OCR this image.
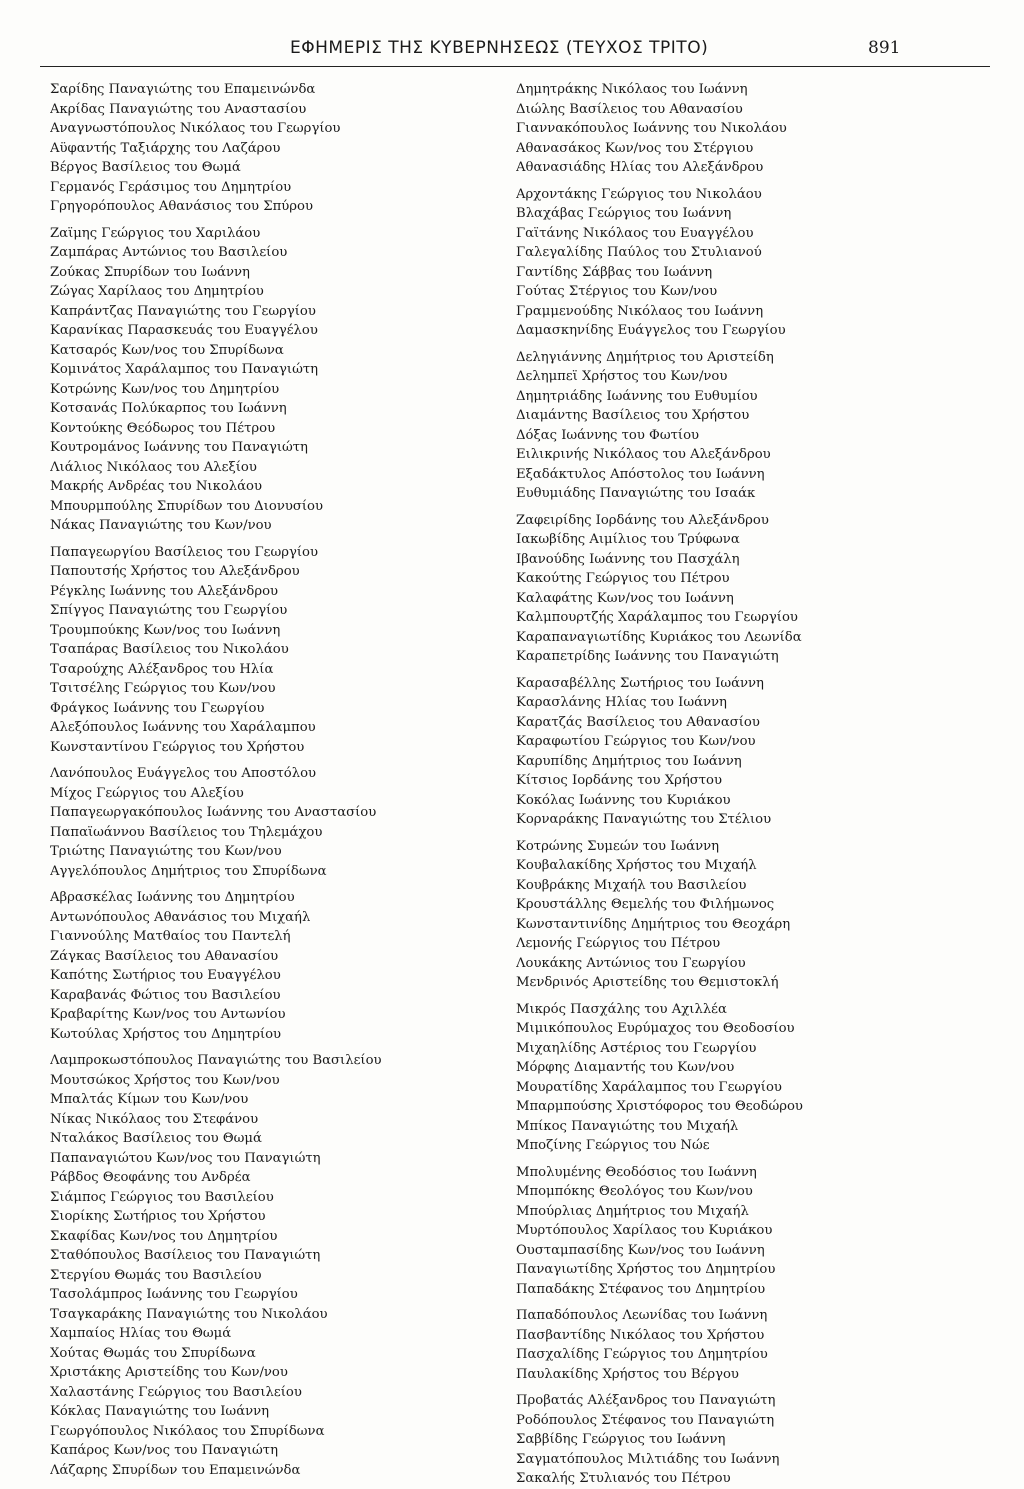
ΕΦΗΜΕΡΙΣ ΤΗΣ ΚΥΒΕΡΝΗΣΕΩΣ (ΤΕΥΧΟΣ ΤΡΙΤΟ)	891
Σαρίδης Παναγιώτης του Επαμεινώνδα
Ακρίδας Παναγιώτης του Αναστασίου
Αναγνωστόπουλος Νικόλαος του Γεωργίου
Αϋφαντής Ταξιάρχης του Λαζάρου
Βέργος Βασίλειος του Θωμά
Γερμανός Γεράσιμος του Δημητρίου
Γρηγορόπουλος Αθανάσιος του Σπύρου
Ζαϊμης Γεώργιος του Χαριλάου
Ζαμπάρας Αντώνιος του Βασιλείου
Ζούκας Σπυρίδων του Ιωάννη
Ζώγας Χαρίλαος του Δημητρίου
Καπράντζας Παναγιώτης του Γεωργίου
Καρανίκας Παρασκευάς του Ευαγγέλου
Κατσαρός Κων/νος του Σπυρίδωνα
Κομινάτος Χαράλαμπος του Παναγιώτη
Κοτρώνης Κων/νος του Δημητρίου
Κοτσανάς Πολύκαρπος του Ιωάννη
Κοντούκης Θεόδωρος του Πέτρου
Κουτρομάνος Ιωάννης του Παναγιώτη
Λιάλιος Νικόλαος του Αλεξίου
Μακρής Ανδρέας του Νικολάου
Μπουρμπούλης Σπυρίδων του Διονυσίου
Νάκας Παναγιώτης του Κων/νου
Παπαγεωργίου Βασίλειος του Γεωργίου
Παπουτσής Χρήστος του Αλεξάνδρου
Ρέγκλης Ιωάννης του Αλεξάνδρου
Σπίγγος Παναγιώτης του Γεωργίου
Τρουμπούκης Κων/νος του Ιωάννη
Τσαπάρας Βασίλειος του Νικολάου
Τσαρούχης Αλέξανδρος του Ηλία
Τσιτσέλης Γεώργιος του Κων/νου
Φράγκος Ιωάννης του Γεωργίου
Αλεξόπουλος Ιωάννης του Χαράλαμπου
Κωνσταντίνου Γεώργιος του Χρήστου
Λανόπουλος Ευάγγελος του Αποστόλου
Μίχος Γεώργιος του Αλεξίου
Παπαγεωργακόπουλος Ιωάννης του Αναστασίου
Παπαϊωάννου Βασίλειος του Τηλεμάχου
Τριώτης Παναγιώτης του Κων/νου
Αγγελόπουλος Δημήτριος του Σπυρίδωνα
Αβρασκέλας Ιωάννης του Δημητρίου
Αντωνόπουλος Αθανάσιος του Μιχαήλ
Γιαννούλης Ματθαίος του Παντελή
Ζάγκας Βασίλειος του Αθανασίου
Καπότης Σωτήριος του Ευαγγέλου
Καραβανάς Φώτιος του Βασιλείου
Κραβαρίτης Κων/νος του Αντωνίου
Κωτούλας Χρήστος του Δημητρίου
Λαμπροκωστόπουλος Παναγιώτης του Βασιλείου
Μουτσώκος Χρήστος του Κων/νου
Μπαλτάς Κίμων του Κων/νου
Νίκας Νικόλαος του Στεφάνου
Νταλάκος Βασίλειος του Θωμά
Παπαναγιώτου Κων/νος του Παναγιώτη
Ράβδος Θεοφάνης του Ανδρέα
Σιάμπος Γεώργιος του Βασιλείου
Σιορίκης Σωτήριος του Χρήστου
Σκαφίδας Κων/νος του Δημητρίου
Σταθόπουλος Βασίλειος του Παναγιώτη
Στεργίου Θωμάς του Βασιλείου
Τασολάμπρος Ιωάννης του Γεωργίου
Τσαγκαράκης Παναγιώτης του Νικολάου
Χαμπαίος Ηλίας του Θωμά
Χούτας Θωμάς του Σπυρίδωνα
Χριστάκης Αριστείδης του Κων/νου
Χαλαστάνης Γεώργιος του Βασιλείου
Κόκλας Παναγιώτης του Ιωάννη
Γεωργόπουλος Νικόλαος του Σπυρίδωνα
Καπάρος Κων/νος του Παναγιώτη
Λάζαρης Σπυρίδων του Επαμεινώνδα
Δημητράκης Νικόλαος του Ιωάννη
Διώλης Βασίλειος του Αθανασίου
Γιαννακόπουλος Ιωάννης του Νικολάου
Αθανασάκος Κων/νος του Στέργιου
Αθανασιάδης Ηλίας του Αλεξάνδρου
Αρχοντάκης Γεώργιος του Νικολάου
Βλαχάβας Γεώργιος του Ιωάννη
Γαϊτάνης Νικόλαος του Ευαγγέλου
Γαλεγαλίδης Παύλος του Στυλιανού
Γαντίδης Σάββας του Ιωάννη
Γούτας Στέργιος του Κων/νου
Γραμμενούδης Νικόλαος του Ιωάννη
Δαμασκηνίδης Ευάγγελος του Γεωργίου
Δεληγιάννης Δημήτριος του Αριστείδη
Δελημπεϊ Χρήστος του Κων/νου
Δημητριάδης Ιωάννης του Ευθυμίου
Διαμάντης Βασίλειος του Χρήστου
Δόξας Ιωάννης του Φωτίου
Ειλικρινής Νικόλαος του Αλεξάνδρου
Εξαδάκτυλος Απόστολος του Ιωάννη
Ευθυμιάδης Παναγιώτης του Ισαάκ
Ζαφειρίδης Ιορδάνης του Αλεξάνδρου
Ιακωβίδης Αιμίλιος του Τρύφωνα
Ιβανούδης Ιωάννης του Πασχάλη
Κακούτης Γεώργιος του Πέτρου
Καλαφάτης Κων/νος του Ιωάννη
Καλμπουρτζής Χαράλαμπος του Γεωργίου
Καραπαναγιωτίδης Κυριάκος του Λεωνίδα
Καραπετρίδης Ιωάννης του Παναγιώτη
Καρασαβέλλης Σωτήριος του Ιωάννη
Καρασλάνης Ηλίας του Ιωάννη
Καρατζάς Βασίλειος του Αθανασίου
Καραφωτίου Γεώργιος του Κων/νου
Καρυπίδης Δημήτριος του Ιωάννη
Κίτσιος Ιορδάνης του Χρήστου
Κοκόλας Ιωάννης του Κυριάκου
Κορναράκης Παναγιώτης του Στέλιου
Κοτρώνης Συμεών του Ιωάννη
Κουβαλακίδης Χρήστος του Μιχαήλ
Κουβράκης Μιχαήλ του Βασιλείου
Κρουστάλλης Θεμελής του Φιλήμωνος
Κωνσταντινίδης Δημήτριος του Θεοχάρη
Λεμονής Γεώργιος του Πέτρου
Λουκάκης Αντώνιος του Γεωργίου
Μενδρινός Αριστείδης του Θεμιστοκλή
Μικρός Πασχάλης του Αχιλλέα
Μιμικόπουλος Ευρύμαχος του Θεοδοσίου
Μιχαηλίδης Αστέριος του Γεωργίου
Μόρφης Διαμαντής του Κων/νου
Μουρατίδης Χαράλαμπος του Γεωργίου
Μπαρμπούσης Χριστόφορος του Θεοδώρου
Μπίκος Παναγιώτης του Μιχαήλ
Μποζίνης Γεώργιος του Νώε
Μπολυμένης Θεοδόσιος του Ιωάννη
Μπομπόκης Θεολόγος του Κων/νου
Μπούρλιας Δημήτριος του Μιχαήλ
Μυρτόπουλος Χαρίλαος του Κυριάκου
Ουσταμπασίδης Κων/νος του Ιωάννη
Παναγιωτίδης Χρήστος του Δημητρίου
Παπαδάκης Στέφανος του Δημητρίου
Παπαδόπουλος Λεωνίδας του Ιωάννη
Πασβαντίδης Νικόλαος του Χρήστου
Πασχαλίδης Γεώργιος του Δημητρίου
Παυλακίδης Χρήστος του Βέργου
Προβατάς Αλέξανδρος του Παναγιώτη
Ροδόπουλος Στέφανος του Παναγιώτη
Σαββίδης Γεώργιος του Ιωάννη
Σαγματόπουλος Μιλτιάδης του Ιωάννη
Σακαλής Στυλιανός του Πέτρου
